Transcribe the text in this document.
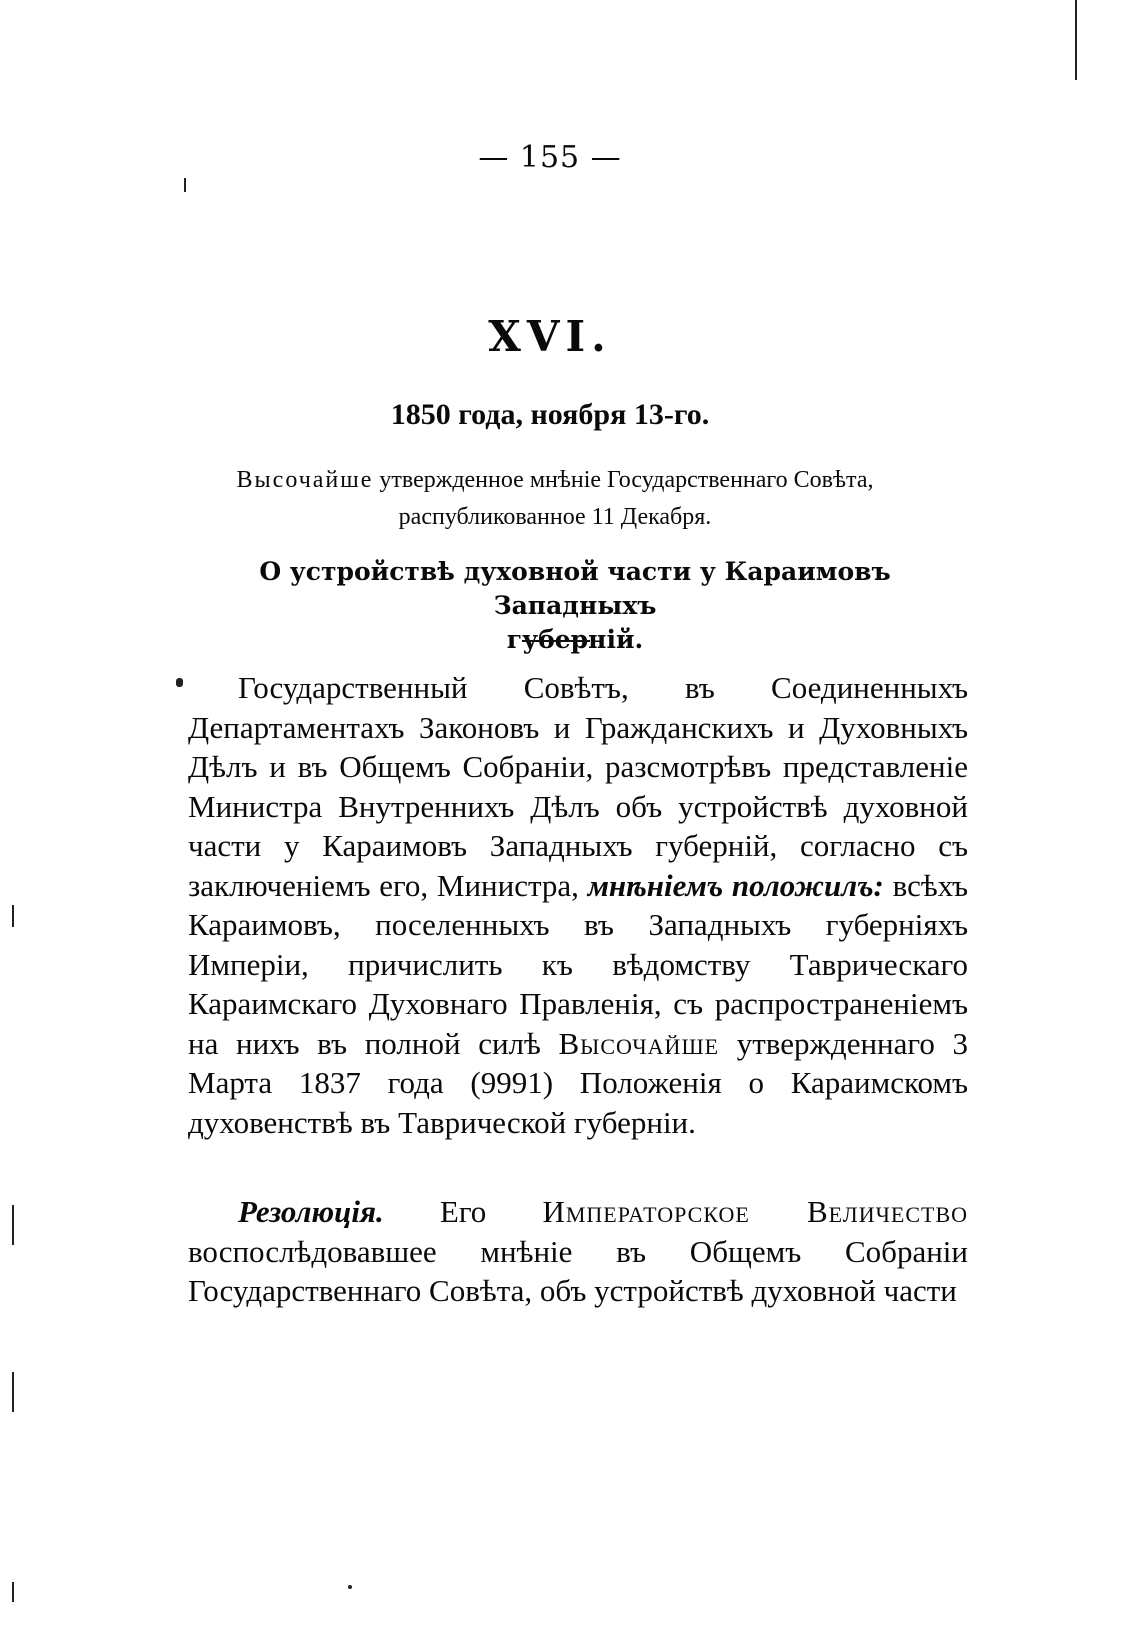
— 155 —
XVI.
1850 года, ноября 13-го.
Высочайше утвержденное мнѣніе Государственнаго Совѣта,
распубликованное 11 Декабря.
О устройствѣ духовной части у Караимовъ Западныхъ
губерній.
Государственный Совѣтъ, въ Соединенныхъ Департаментахъ Законовъ и Гражданскихъ и Духовныхъ Дѣлъ и въ Общемъ Собраніи, разсмотрѣвъ представленіе Министра Внутреннихъ Дѣлъ объ устройствѣ духовной части у Караимовъ Западныхъ губерній, согласно съ заключеніемъ его, Министра, мнѣніемъ положилъ: всѣхъ Караимовъ, поселенныхъ въ Западныхъ губерніяхъ Имперіи, причислить къ вѣдомству Таврическаго Караимскаго Духовнаго Правленія, съ распространеніемъ на нихъ въ полной силѣ Высочайше утвержденнаго 3 Марта 1837 года (9991) Положенія о Караимскомъ духовенствѣ въ Таврической губерніи.
Резолюція. Его Императорское Величество воспослѣдовавшее мнѣніе въ Общемъ Собраніи Государственнаго Совѣта, объ устройствѣ духовной части
